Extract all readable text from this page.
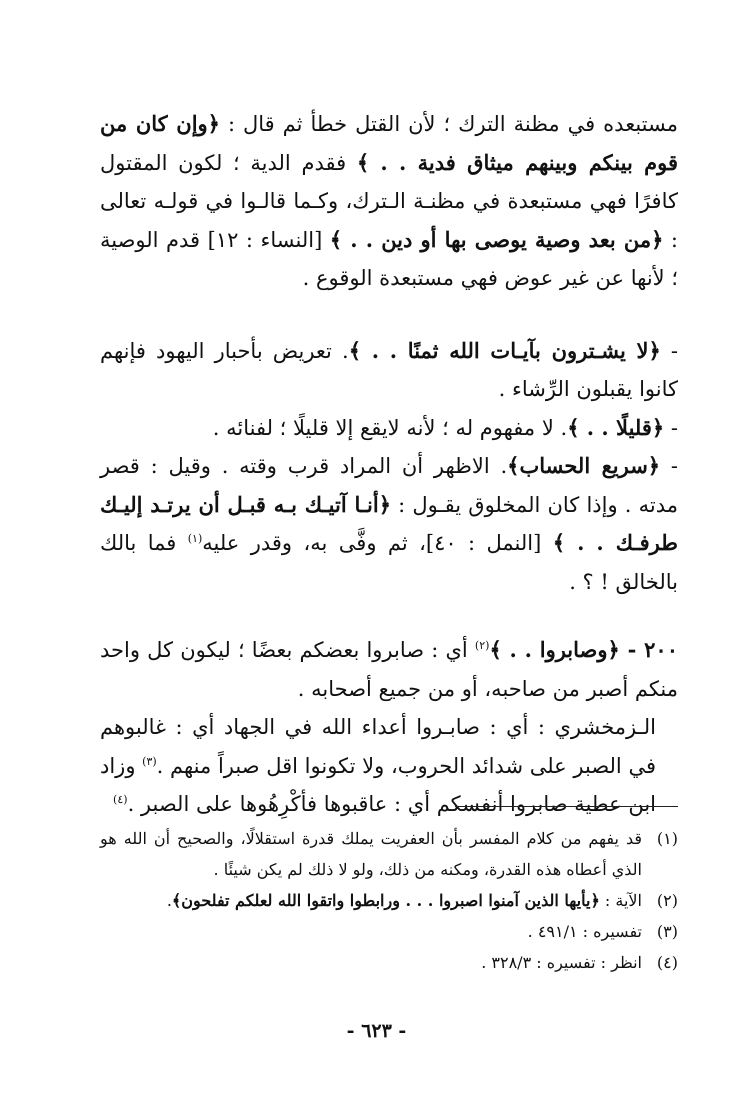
مستبعده في مظنة الترك ؛ لأن القتل خطأ ثم قال : ﴿وإن كان من قوم بينكم وبينهم ميثاق فدية . . ﴾ فقدم الدية ؛ لكون المقتول كافرًا فهي مستبعدة في مظنـة الـترك، وكـما قالـوا في قولـه تعالى : ﴿من بعد وصية يوصى بها أو دين . . ﴾ [النساء : ١٢] قدم الوصية ؛ لأنها عن غير عوض فهي مستبعدة الوقوع .

- ﴿لا يشـترون بآيـات الله ثمنًا . . ﴾. تعريض بأحبار اليهود فإنهم كانوا يقبلون الرِّشاء .

- ﴿قليلًا . . ﴾. لا مفهوم له ؛ لأنه لايقع إلا قليلًا ؛ لفنائه .

- ﴿سريع الحساب﴾. الاظهر أن المراد قرب وقته . وقيل : قصر مدته . وإذا كان المخلوق يقـول : ﴿أنـا آتيـك بـه قبـل أن يرتـد إليـك طرفـك . . ﴾ [النمل : ٤٠]، ثم وفَّى به، وقدر عليه$^{(١)}$ فما بالك بالخالق ! ؟ .

٢٠٠ - ﴿وصابروا . . ﴾$^{(٢)}$ أي : صابروا بعضكم بعضًا ؛ ليكون كل واحد منكم أصبر من صاحبه، أو من جميع أصحابه .

الـزمخشري : أي : صابـروا أعداء الله في الجهاد أي : غالبوهم في الصبر على شدائد الحروب، ولا تكونوا اقل صبراً منهم .$^{(٣)}$ وزاد ابن عطية صابروا أنفسكم أي : عاقبوها فأكْرِهُوها على الصبر .$^{(٤)}$

(١)
قد يفهم من كلام المفسر بأن العفريت يملك قدرة استقلالًا، والصحيح أن الله هو الذي أعطاه هذه القدرة، ومكنه من ذلك، ولو لا ذلك لم يكن شيئًا .
(٢)
الآية : ﴿يأيها الذين آمنوا اصبروا . . . ورابطوا واتقوا الله لعلكم تفلحون﴾.
(٣)
تفسيره : ٤٩١/١ .
(٤)
انظر : تفسيره : ٣٢٨/٣ .
- ٦٢٣ -
